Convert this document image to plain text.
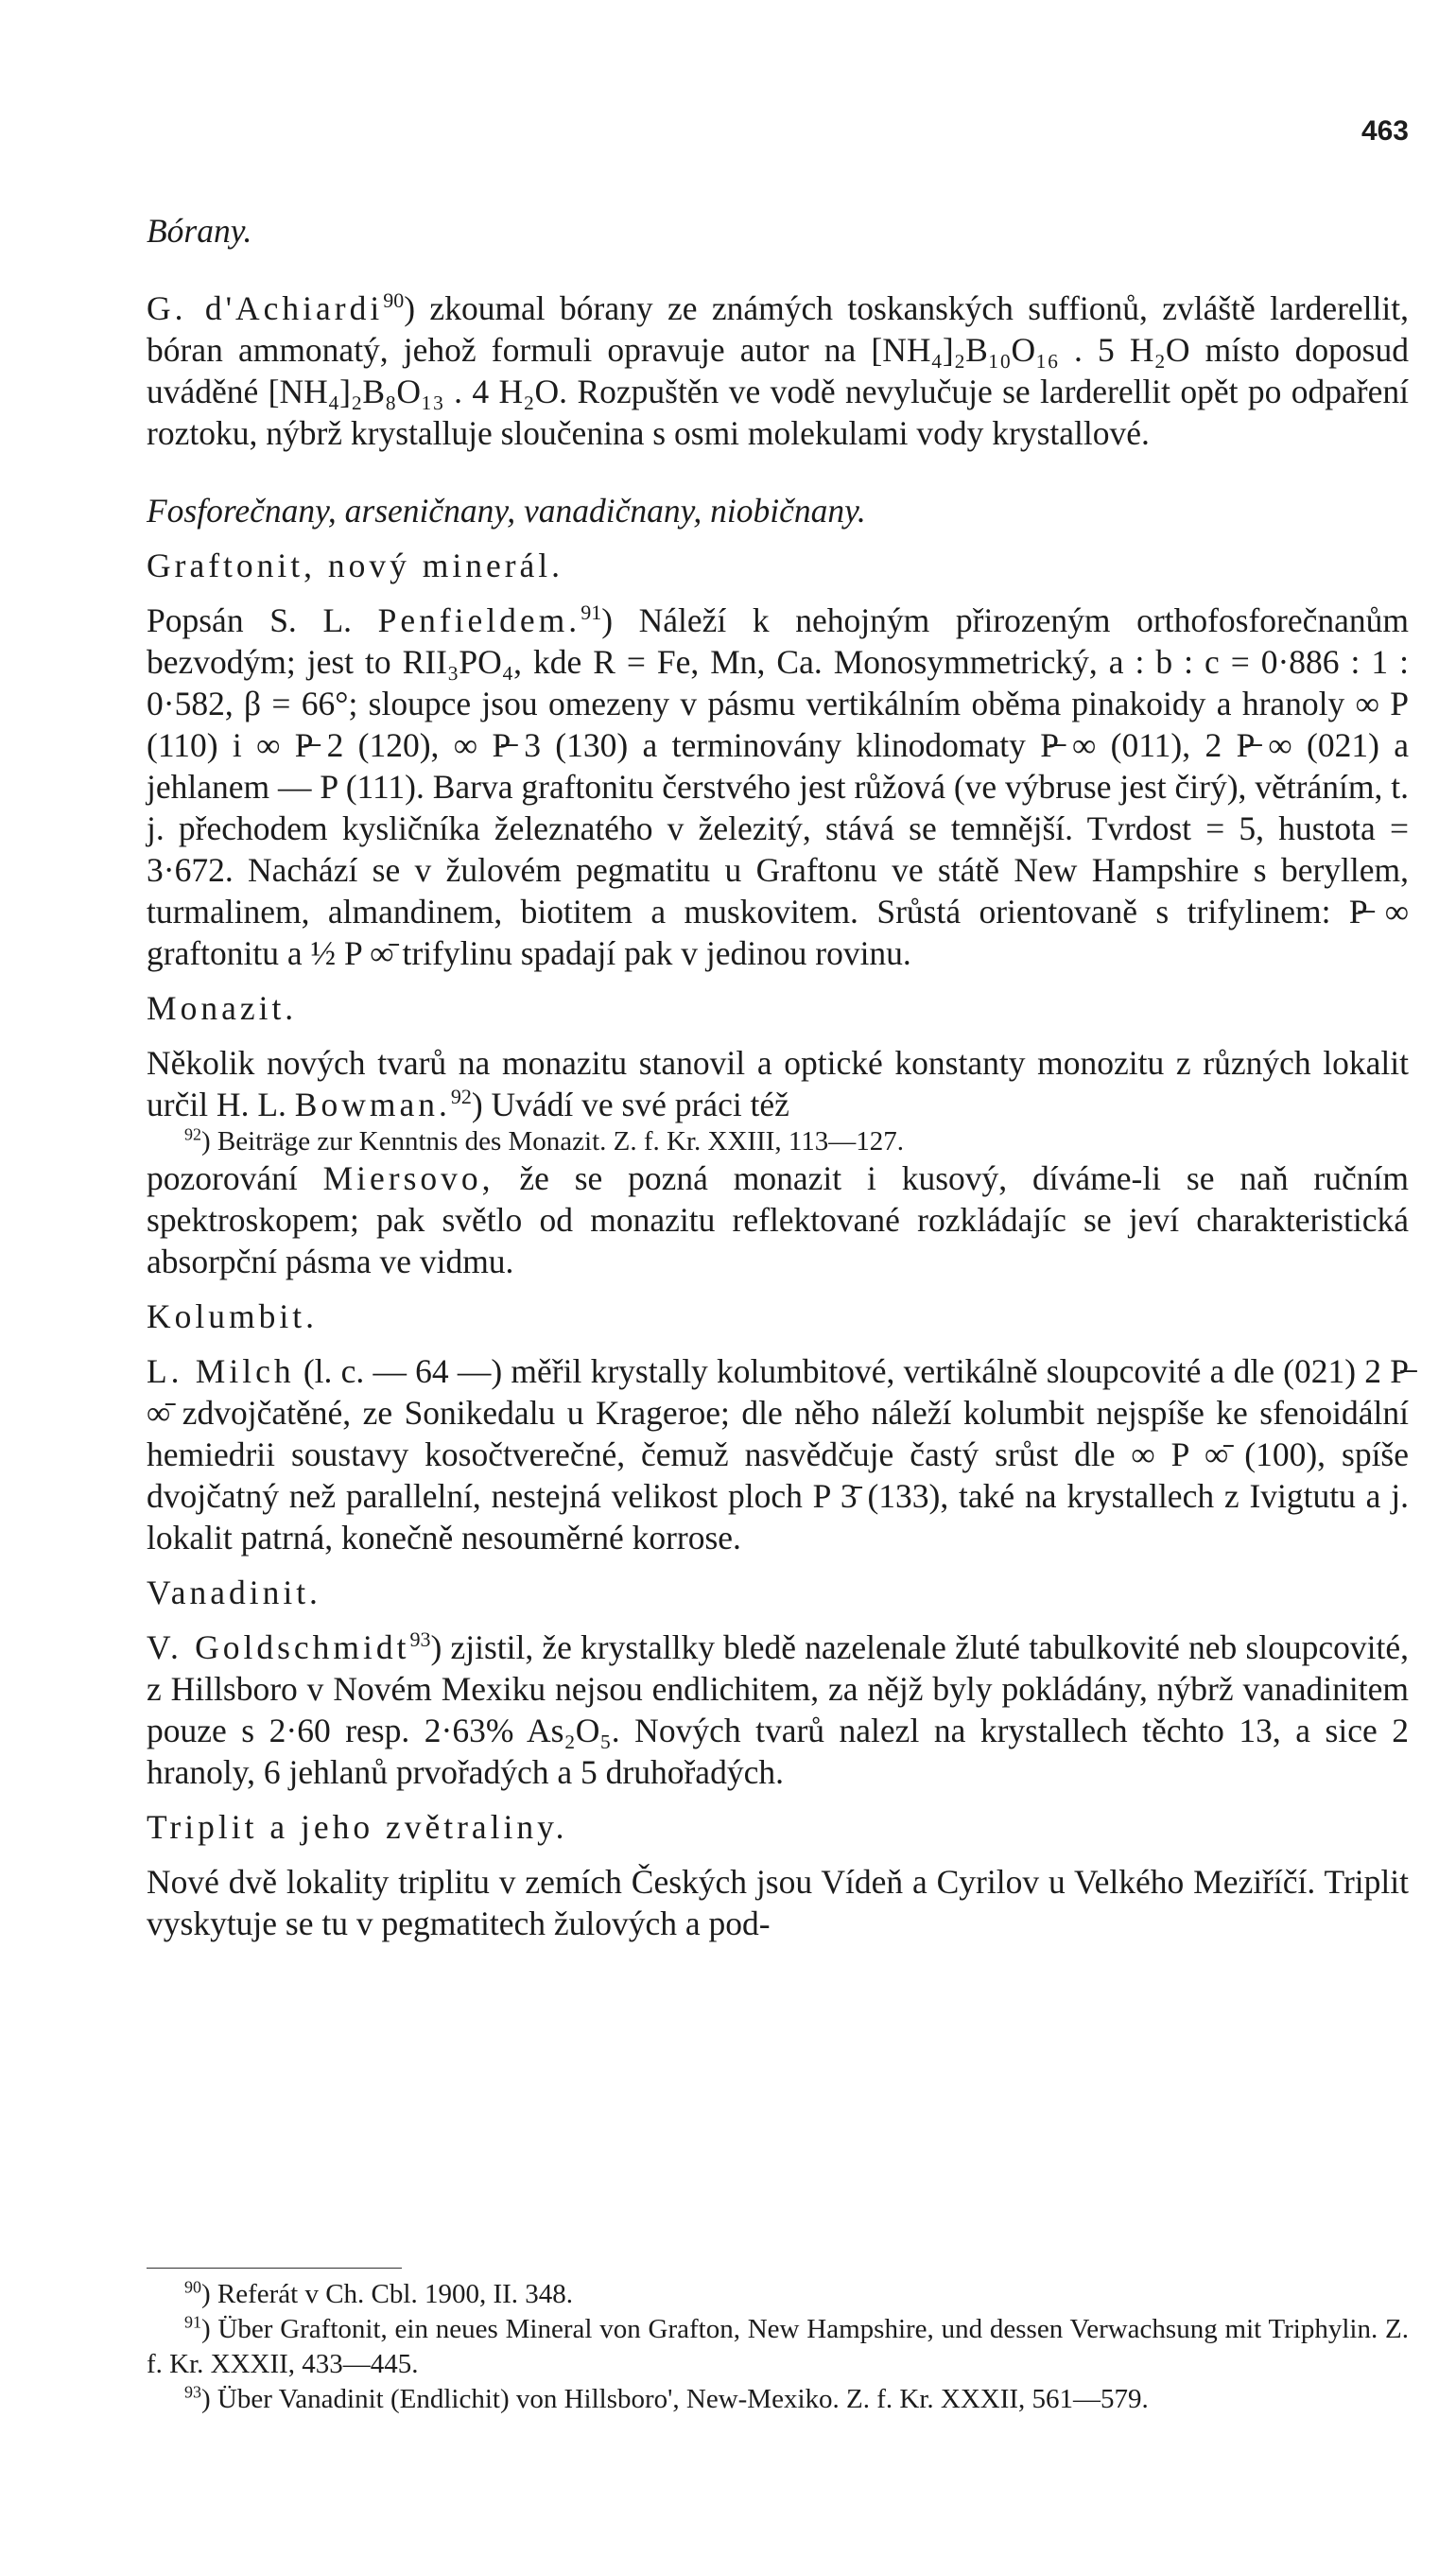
463
Bórany.

G. d'Achiardi$^{90}$) zkoumal bórany ze známých toskanských suffionů, zvláště larderellit, bóran ammonatý, jehož formuli opravuje autor na [NH₄]₂B₁₀O₁₆ . 5 H₂O místo doposud uváděné [NH₄]₂B₈O₁₃ . 4 H₂O. Rozpuštěn ve vodě nevylučuje se larderellit opět po odpaření roztoku, nýbrž krystalluje sloučenina s osmi molekulami vody krystallové.

Fosforečnany, arseničnany, vanadičnany, niobičnany.
Graftonit, nový minerál.

Popsán S. L. Penfieldem.$^{91}$) Náleží k nehojným přirozeným orthofosforečnanům bezvodým; jest to RII₃PO₄, kde R = Fe, Mn, Ca. Monosymmetrický, a : b : c = 0·886 : 1 : 0·582, β = 66°; sloupce jsou omezeny v pásmu vertikálním oběma pinakoidy a hranoly ∞ P (110) i ∞ P̶ 2 (120), ∞ P̶ 3 (130) a terminovány klinodomaty P̶ ∞ (011), 2 P̶ ∞ (021) a jehlanem — P (111). Barva graftonitu čerstvého jest růžová (ve výbruse jest čirý), větráním, t. j. přechodem kysličníka železnatého v železitý, stává se temnější. Tvrdost = 5, hustota = 3·672. Nachází se v žulovém pegmatitu u Graftonu ve státě New Hampshire s beryllem, turmalinem, almandinem, biotitem a muskovitem. Srůstá orientovaně s trifylinem: P̶ ∞ graftonitu a ½ P ∞̄ trifylinu spadají pak v jedinou rovinu.

Monazit.

Několik nových tvarů na monazitu stanovil a optické konstanty monozitu z různých lokalit určil H. L. Bowman.$^{92}$) Uvádí ve své práci též

$^{92}$) Beiträge zur Kenntnis des Monazit. Z. f. Kr. XXIII, 113—127.

pozorování Miersovo, že se pozná monazit i kusový, díváme-li se naň ručním spektroskopem; pak světlo od monazitu reflektované rozkládajíc se jeví charakteristická absorpční pásma ve vidmu.

Kolumbit.

L. Milch (l. c. — 64 —) měřil krystally kolumbitové, vertikálně sloupcovité a dle (021) 2 P̶ ∞̄ zdvojčatěné, ze Sonikedalu u Krageroe; dle něho náleží kolumbit nejspíše ke sfenoidální hemiedrii soustavy kosočtverečné, čemuž nasvědčuje častý srůst dle ∞ P ∞̄ (100), spíše dvojčatný než parallelní, nestejná velikost ploch P 3̄ (133), také na krystallech z Ivigtutu a j. lokalit patrná, konečně nesouměrné korrose.

Vanadinit.

V. Goldschmidt$^{93}$) zjistil, že krystallky bledě nazelenale žluté tabulkovité neb sloupcovité, z Hillsboro v Novém Mexiku nejsou endlichitem, za nějž byly pokládány, nýbrž vanadinitem pouze s 2·60 resp. 2·63% As₂O₅. Nových tvarů nalezl na krystallech těchto 13, a sice 2 hranoly, 6 jehlanů prvořadých a 5 druhořadých.

Triplit a jeho zvětraliny.

Nové dvě lokality triplitu v zemích Českých jsou Vídeň a Cyrilov u Velkého Meziříčí. Triplit vyskytuje se tu v pegmatitech žulových a pod-

$^{90}$) Referát v Ch. Cbl. 1900, II. 348.

$^{91}$) Über Graftonit, ein neues Mineral von Grafton, New Hampshire, und dessen Verwachsung mit Triphylin. Z. f. Kr. XXXII, 433—445.

$^{93}$) Über Vanadinit (Endlichit) von Hillsboro', New-Mexiko. Z. f. Kr. XXXII, 561—579.
